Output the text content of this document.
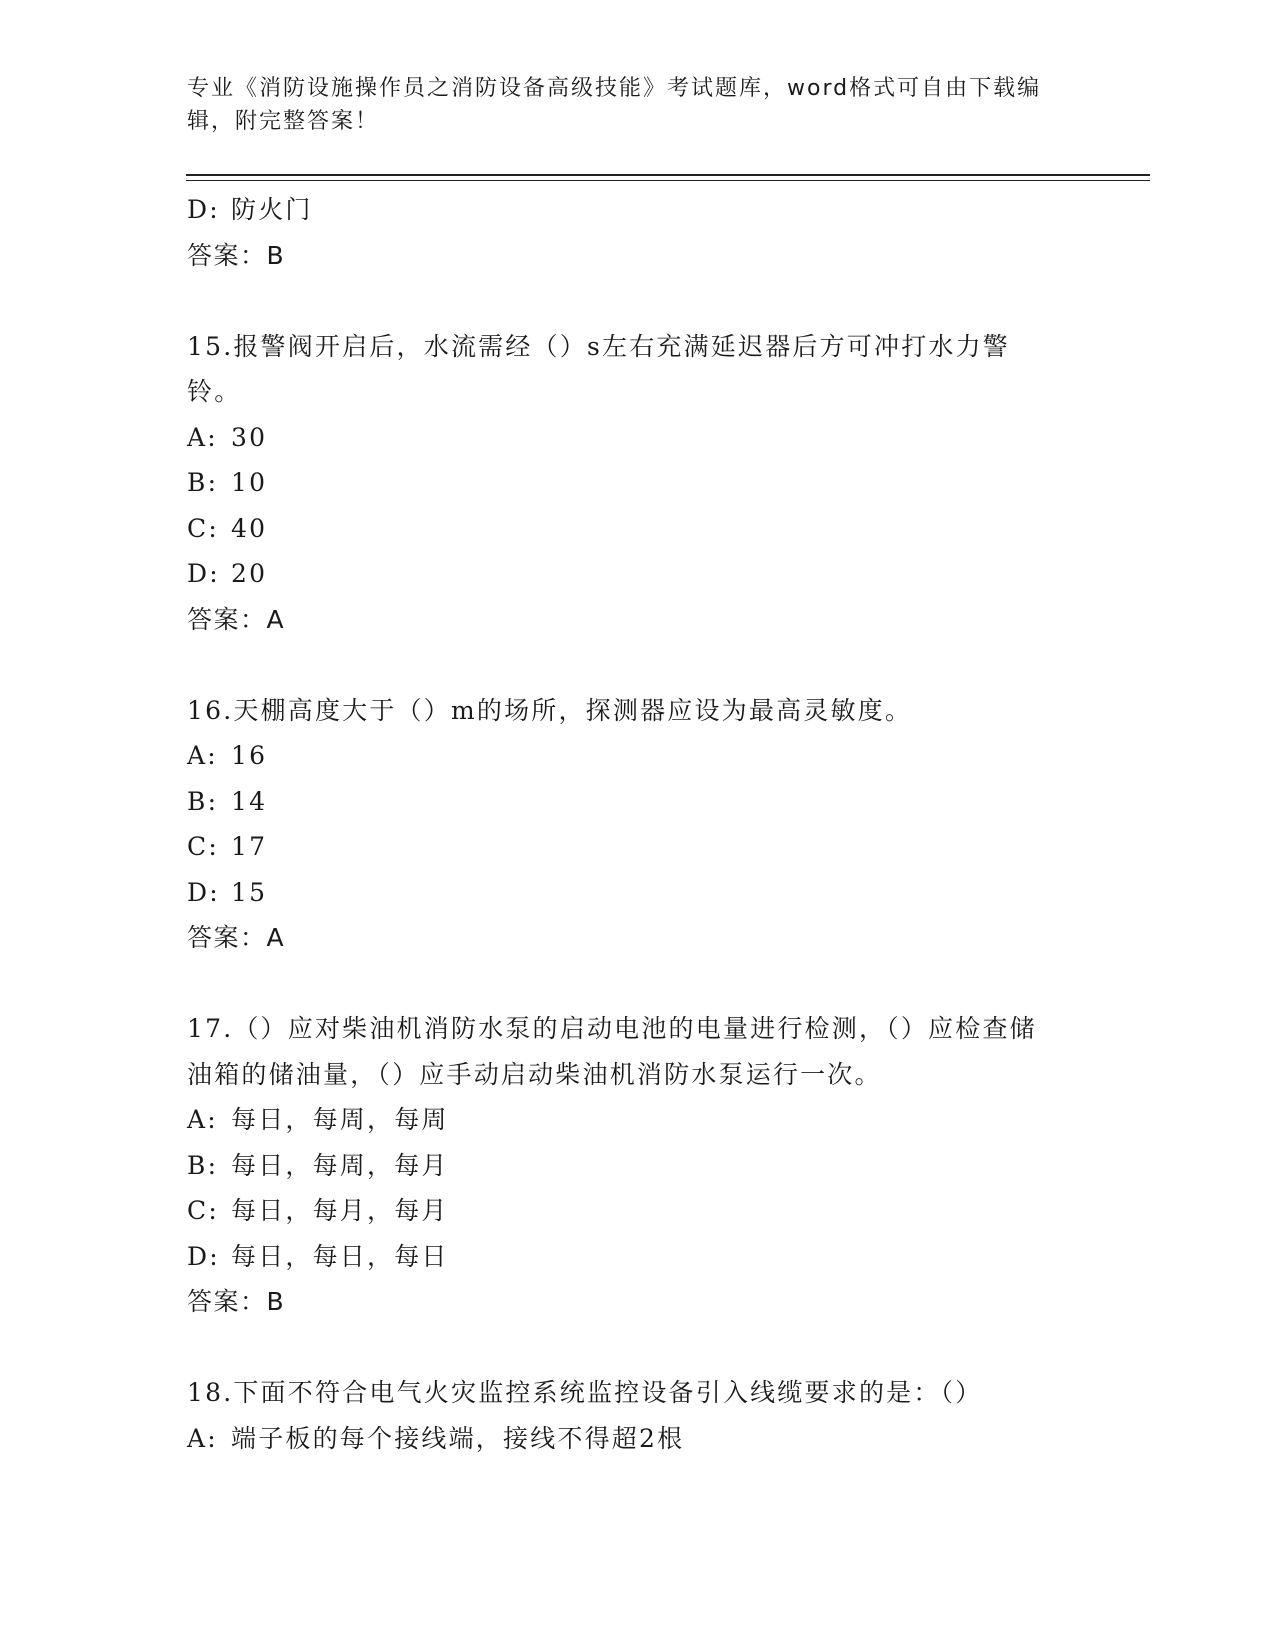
专业《消防设施操作员之消防设备高级技能》考试题库，word格式可自由下载编辑，附完整答案！
D: 防火门
答案：B
15.报警阀开启后，水流需经（）s左右充满延迟器后方可冲打水力警铃。
A: 30
B: 10
C: 40
D: 20
答案：A
16.天棚高度大于（）m的场所，探测器应设为最高灵敏度。
A: 16
B: 14
C: 17
D: 15
答案：A
17.（）应对柴油机消防水泵的启动电池的电量进行检测，（）应检查储油箱的储油量，（）应手动启动柴油机消防水泵运行一次。
A: 每日，每周，每周
B: 每日，每周，每月
C: 每日，每月，每月
D: 每日，每日，每日
答案：B
18.下面不符合电气火灾监控系统监控设备引入线缆要求的是：（）
A: 端子板的每个接线端，接线不得超2根
